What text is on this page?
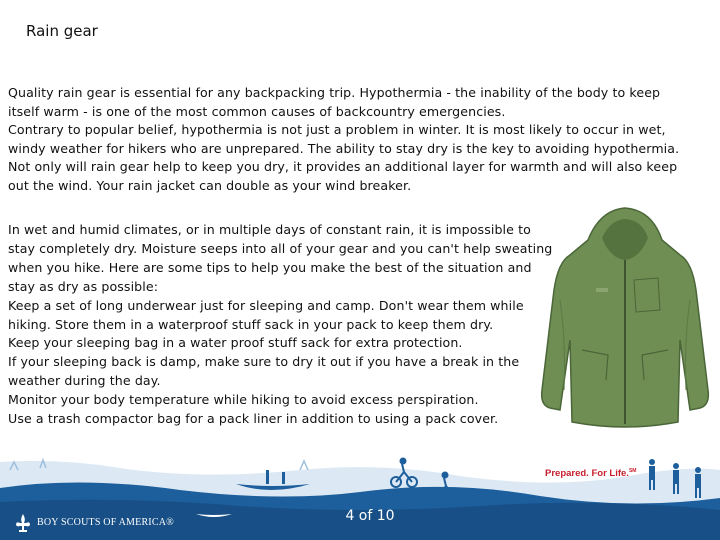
Rain gear

Quality rain gear is essential for any backpacking trip. Hypothermia - the inability of the body to keep
itself warm - is one of the most common causes of backcountry emergencies.
Contrary to popular belief, hypothermia is not just a problem in winter. It is most likely to occur in wet,
windy weather for hikers who are unprepared. The ability to stay dry is the key to avoiding hypothermia.
Not only will rain gear help to keep you dry, it provides an additional layer for warmth and will also keep
out the wind. Your rain jacket can double as your wind breaker.

In wet and humid climates, or in multiple days of constant rain, it is impossible to
stay completely dry. Moisture seeps into all of your gear and you can't help sweating
when you hike. Here are some tips to help you make the best of the situation and
stay as dry as possible:
Keep a set of long underwear just for sleeping and camp. Don't wear them while
hiking. Store them in a waterproof stuff sack in your pack to keep them dry.
Keep your sleeping bag in a water proof stuff sack for extra protection.
If your sleeping back is damp, make sure to dry it out if you have a break in the
weather during the day.
Monitor your body temperature while hiking to avoid excess perspiration.
Use a trash compactor bag for a pack liner in addition to using a pack cover.

Prepared. For Life.℠
BOY SCOUTS OF AMERICA®	4 of 10
